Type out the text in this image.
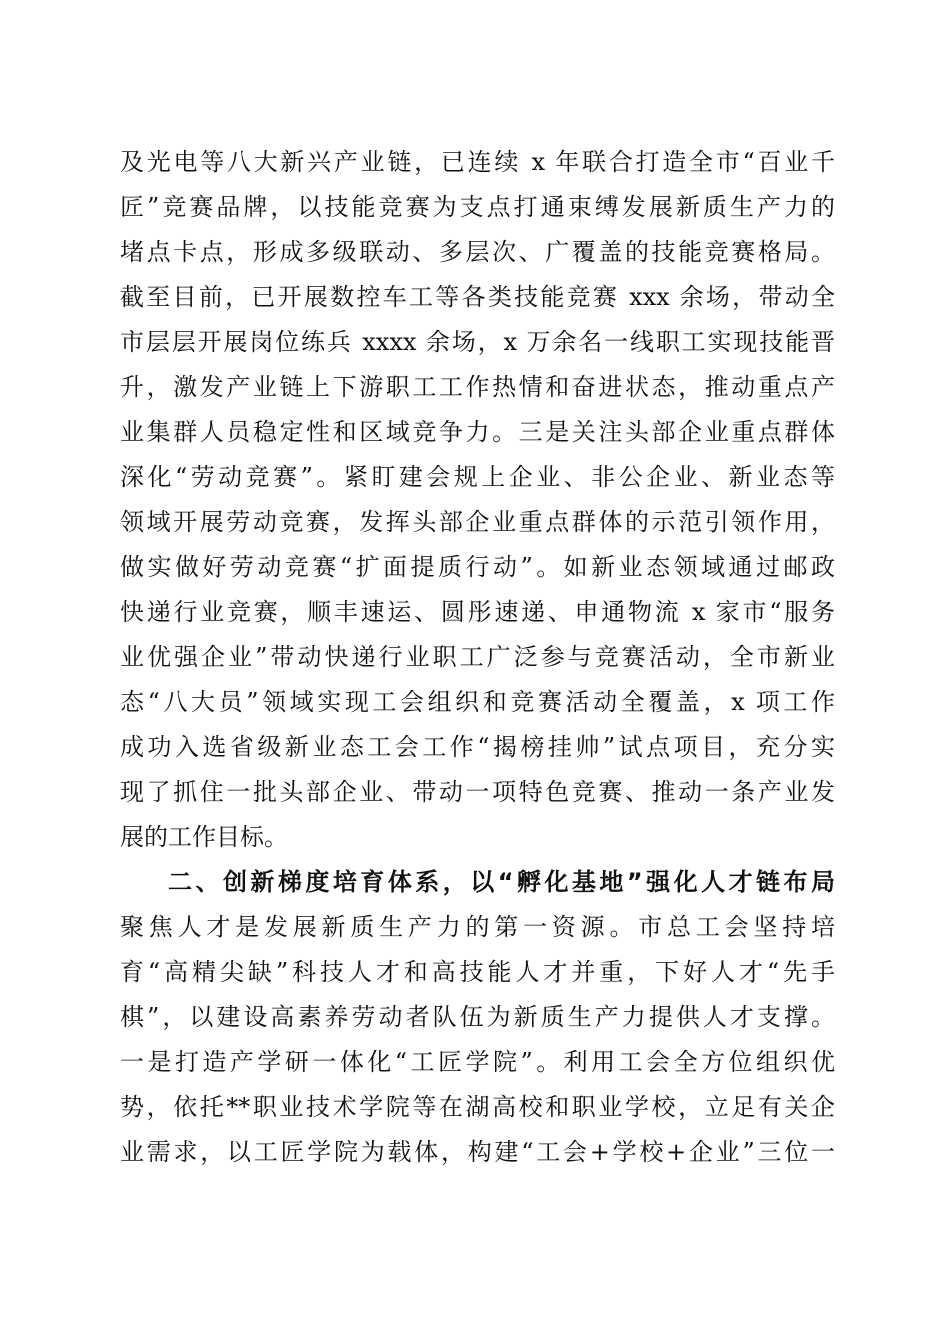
及光电等八大新兴产业链，已连续 x 年联合打造全市“百业千
匠”竞赛品牌，以技能竞赛为支点打通束缚发展新质生产力的
堵点卡点，形成多级联动、多层次、广覆盖的技能竞赛格局。
截至目前，已开展数控车工等各类技能竞赛 xxx 余场，带动全
市层层开展岗位练兵 xxxx 余场，x 万余名一线职工实现技能晋
升，激发产业链上下游职工工作热情和奋进状态，推动重点产
业集群人员稳定性和区域竞争力。三是关注头部企业重点群体
深化“劳动竞赛”。紧盯建会规上企业、非公企业、新业态等
领域开展劳动竞赛，发挥头部企业重点群体的示范引领作用，
做实做好劳动竞赛“扩面提质行动”。如新业态领域通过邮政
快递行业竞赛，顺丰速运、圆彤速递、申通物流 x 家市“服务
业优强企业”带动快递行业职工广泛参与竞赛活动，全市新业
态“八大员”领域实现工会组织和竞赛活动全覆盖，x 项工作
成功入选省级新业态工会工作“揭榜挂帅”试点项目，充分实
现了抓住一批头部企业、带动一项特色竞赛、推动一条产业发
展的工作目标。
二、创新梯度培育体系，以“孵化基地”强化人才链布局
聚焦人才是发展新质生产力的第一资源。市总工会坚持培
育“高精尖缺”科技人才和高技能人才并重，下好人才“先手
棋”，以建设高素养劳动者队伍为新质生产力提供人才支撑。
一是打造产学研一体化“工匠学院”。利用工会全方位组织优
势，依托**职业技术学院等在湖高校和职业学校，立足有关企
业需求，以工匠学院为载体，构建“工会+学校+企业”三位一
